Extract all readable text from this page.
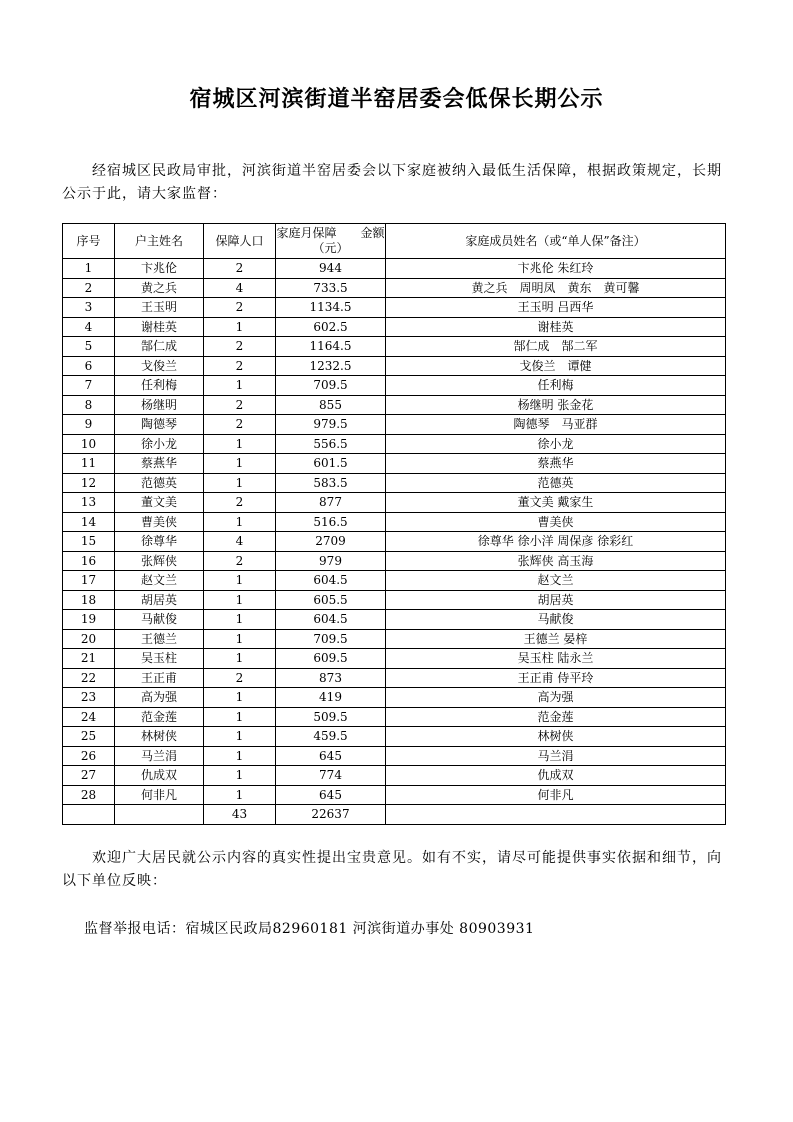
宿城区河滨街道半窑居委会低保长期公示
经宿城区民政局审批，河滨街道半窑居委会以下家庭被纳入最低生活保障，根据政策规定，长期公示于此，请大家监督：
序号	户主姓名	保障人口	家庭月保障　　金额（元）	家庭成员姓名（或“单人保”备注）
1	卞兆伦	2	944	卞兆伦 朱红玲
2	黄之兵	4	733.5	黄之兵　周明凤　黄东　黄可馨
3	王玉明	2	1134.5	王玉明 吕西华
4	谢桂英	1	602.5	谢桂英
5	郜仁成	2	1164.5	郜仁成　郜二军
6	戈俊兰	2	1232.5	戈俊兰　谭健
7	任利梅	1	709.5	任利梅
8	杨继明	2	855	杨继明 张金花
9	陶德琴	2	979.5	陶德琴　马亚群
10	徐小龙	1	556.5	徐小龙
11	蔡燕华	1	601.5	蔡燕华
12	范德英	1	583.5	范德英
13	董文美	2	877	董文美 戴家生
14	曹美侠	1	516.5	曹美侠
15	徐尊华	4	2709	徐尊华 徐小洋 周保彦 徐彩红
16	张辉侠	2	979	张辉侠 高玉海
17	赵文兰	1	604.5	赵文兰
18	胡居英	1	605.5	胡居英
19	马献俊	1	604.5	马献俊
20	王德兰	1	709.5	王德兰 晏梓
21	吴玉柱	1	609.5	吴玉柱 陆永兰
22	王正甫	2	873	王正甫 侍平玲
23	高为强	1	419	高为强
24	范金莲	1	509.5	范金莲
25	林树侠	1	459.5	林树侠
26	马兰涓	1	645	马兰涓
27	仇成双	1	774	仇成双
28	何非凡	1	645	何非凡
		43	22637	
欢迎广大居民就公示内容的真实性提出宝贵意见。如有不实，请尽可能提供事实依据和细节，向以下单位反映：
监督举报电话：宿城区民政局82960181 河滨街道办事处 80903931
